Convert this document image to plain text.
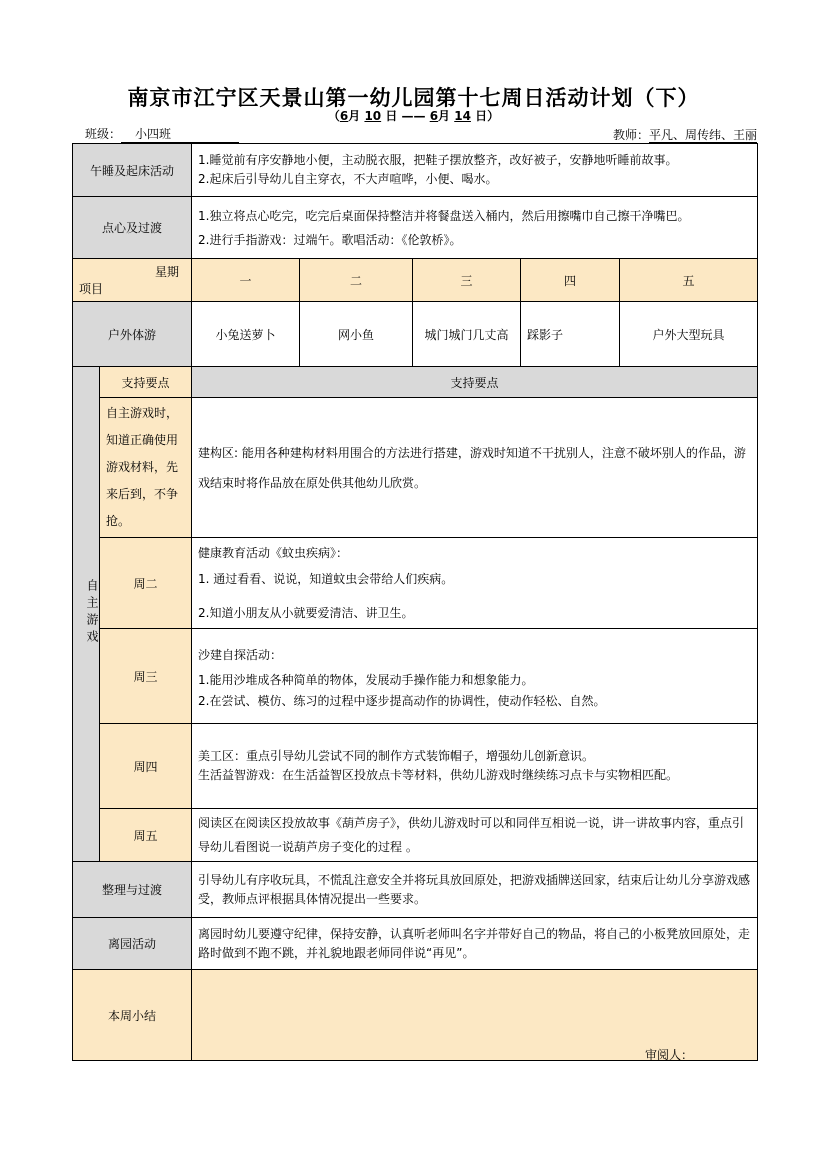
南京市江宁区天景山第一幼儿园第十七周日活动计划（下）
（6月 10 日 —— 6月 14 日）
班级： 小四班	教师：平凡、周传纬、王丽
午睡及起床活动		1.睡觉前有序安静地小便，主动脱衣服，把鞋子摆放整齐，改好被子，安静地听睡前故事。
2.起床后引导幼儿自主穿衣，不大声喧哗，小便、喝水。				

点心及过渡		1.独立将点心吃完，吃完后桌面保持整洁并将餐盘送入桶内，然后用擦嘴巾自己擦干净嘴巴。
2.进行手指游戏：过端午。歌唱活动：《伦敦桥》。				

星期
项目		一	二	三	四	五
户外体游		小兔送萝卜	网小鱼	城门城门几丈高	踩影子	户外大型玩具
自主游戏	支持要点	支持要点				
	自主游戏时，知道正确使用游戏材料，先来后到，不争抢。	建构区: 能用各种建构材料用围合的方法进行搭建，游戏时知道不干扰别人，注意不破坏别人的作品，游戏结束时将作品放在原处供其他幼儿欣赏。				
	周二	健康教育活动《蚊虫疾病》：
1. 通过看看、说说，知道蚊虫会带给人们疾病。
2.知道小朋友从小就要爱清洁、讲卫生。				

	周三	沙建自探活动：
1.能用沙堆成各种简单的物体，发展动手操作能力和想象能力。
2.在尝试、模仿、练习的过程中逐步提高动作的协调性，使动作轻松、自然。				

	周四	美工区：重点引导幼儿尝试不同的制作方式装饰帽子，增强幼儿创新意识。
生活益智游戏：在生活益智区投放点卡等材料，供幼儿游戏时继续练习点卡与实物相匹配。				

	周五	阅读区在阅读区投放故事《葫芦房子》，供幼儿游戏时可以和同伴互相说一说，讲一讲故事内容，重点引导幼儿看图说一说葫芦房子变化的过程 。				
整理与过渡		引导幼儿有序收玩具，不慌乱注意安全并将玩具放回原处，把游戏插牌送回家，结束后让幼儿分享游戏感受，教师点评根据具体情况提出一些要求。				
离园活动		离园时幼儿要遵守纪律，保持安静，认真听老师叫名字并带好自己的物品，将自己的小板凳放回原处，走路时做到不跑不跳，并礼貌地跟老师同伴说“再见”。				
本周小结						
审阅人：
